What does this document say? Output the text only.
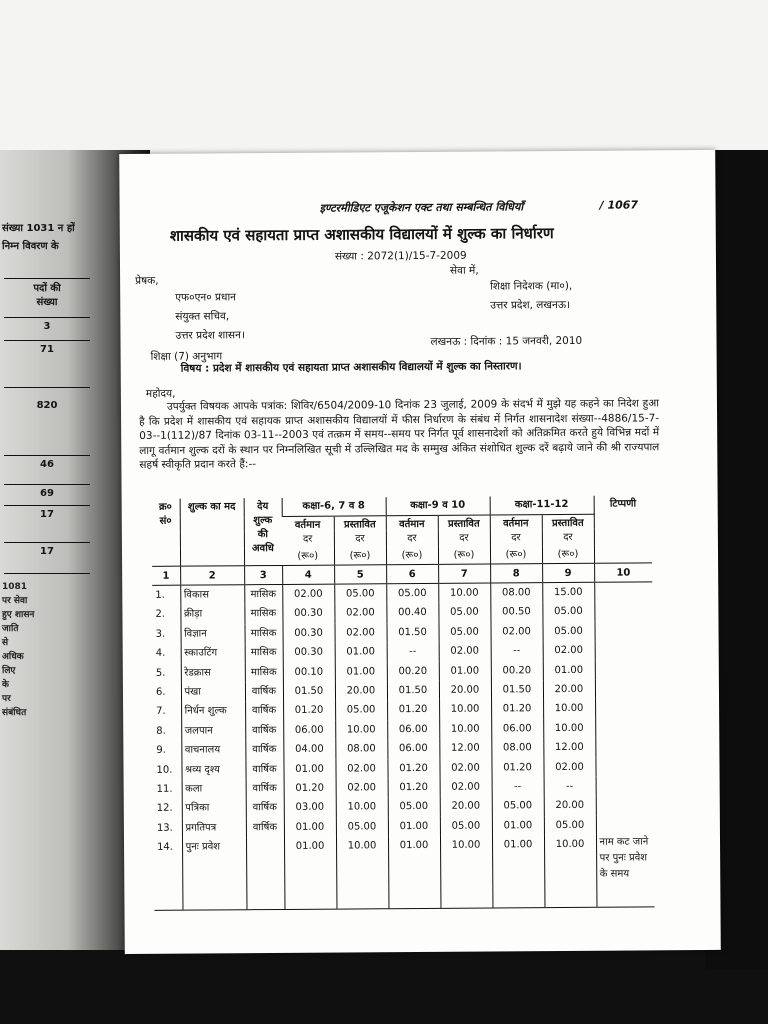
संख्या 1031 न हों
निम्न विवरण के
पदों की
संख्या
3
71
820
46
69
17
17
1081
पर सेवा
हुए शासन
जाति
से
अधिक
लिए
के
पर
संबंधित
इण्टरमीडिएट एजूकेशन एक्ट तथा सम्बन्धित विधियाँ	/ 1067
शासकीय एवं सहायता प्राप्त अशासकीय विद्यालयों में शुल्क का निर्धारण
संख्या : 2072(1)/15-7-2009
प्रेषक,
सेवा में,
एफ०एन० प्रधान
संयुक्त सचिव,
उत्तर प्रदेश शासन।
शिक्षा निदेशक (मा०),
उत्तर प्रदेश, लखनऊ।
लखनऊ : दिनांक : 15 जनवरी, 2010
शिक्षा (7) अनुभाग
विषय : प्रदेश में शासकीय एवं सहायता प्राप्त अशासकीय विद्यालयों में शुल्क का निस्तारण।
महोदय,
उपर्युक्त विषयक आपके पत्रांक: शिविर/6504/2009-10 दिनांक 23 जुलाई, 2009 के संदर्भ में मुझे यह कहने का निदेश हुआ है कि प्रदेश में शासकीय एवं सहायक प्राप्त अशासकीय विद्यालयों में फीस निर्धारण के संबंध में निर्गत शासनादेश संख्या--4886/15-7-03--1(112)/87 दिनांक 03-11--2003 एवं तत्क्रम में समय--समय पर निर्गत पूर्व शासनादेशों को अतिक्रमित करते हुये विभिन्न मदों में लागू वर्तमान शुल्क दरों के स्थान पर निम्नलिखित सूची में उल्लिखित मद के सम्मुख अंकित संशोधित शुल्क दरें बढ़ाये जाने की श्री राज्यपाल सहर्ष स्वीकृति प्रदान करते हैं:--
क्र० सं०	शुल्क का मद	देय शुल्क की अवधि	कक्षा-6, 7 व 8		कक्षा-9 व 10		कक्षा-11-12		टिप्पणी
			वर्तमान	प्रस्तावित	वर्तमान	प्रस्तावित	वर्तमान	प्रस्तावित	
			दर	दर	दर	दर	दर	दर	
			(रू०)	(रू०)	(रू०)	(रू०)	(रू०)	(रू०)	
1	2	3	4	5	6	7	8	9	10
1.	विकास	मासिक	02.00	05.00	05.00	10.00	08.00	15.00	
2.	क्रीड़ा	मासिक	00.30	02.00	00.40	05.00	00.50	05.00	
3.	विज्ञान	मासिक	00.30	02.00	01.50	05.00	02.00	05.00	
4.	स्काउटिंग	मासिक	00.30	01.00	--	02.00	--	02.00	
5.	रेडक्रास	मासिक	00.10	01.00	00.20	01.00	00.20	01.00	
6.	पंखा	वार्षिक	01.50	20.00	01.50	20.00	01.50	20.00	
7.	निर्धन शुल्क	वार्षिक	01.20	05.00	01.20	10.00	01.20	10.00	
8.	जलपान	वार्षिक	06.00	10.00	06.00	10.00	06.00	10.00	
9.	वाचनालय	वार्षिक	04.00	08.00	06.00	12.00	08.00	12.00	
10.	श्रव्य दृश्य	वार्षिक	01.00	02.00	01.20	02.00	01.20	02.00	
11.	कला	वार्षिक	01.20	02.00	01.20	02.00	--	--	
12.	पत्रिका	वार्षिक	03.00	10.00	05.00	20.00	05.00	20.00	
13.	प्रगतिपत्र	वार्षिक	01.00	05.00	01.00	05.00	01.00	05.00	
14.	पुनः प्रवेश		01.00	10.00	01.00	10.00	01.00	10.00	नाम कट जाने पर पुनः प्रवेश के समय
